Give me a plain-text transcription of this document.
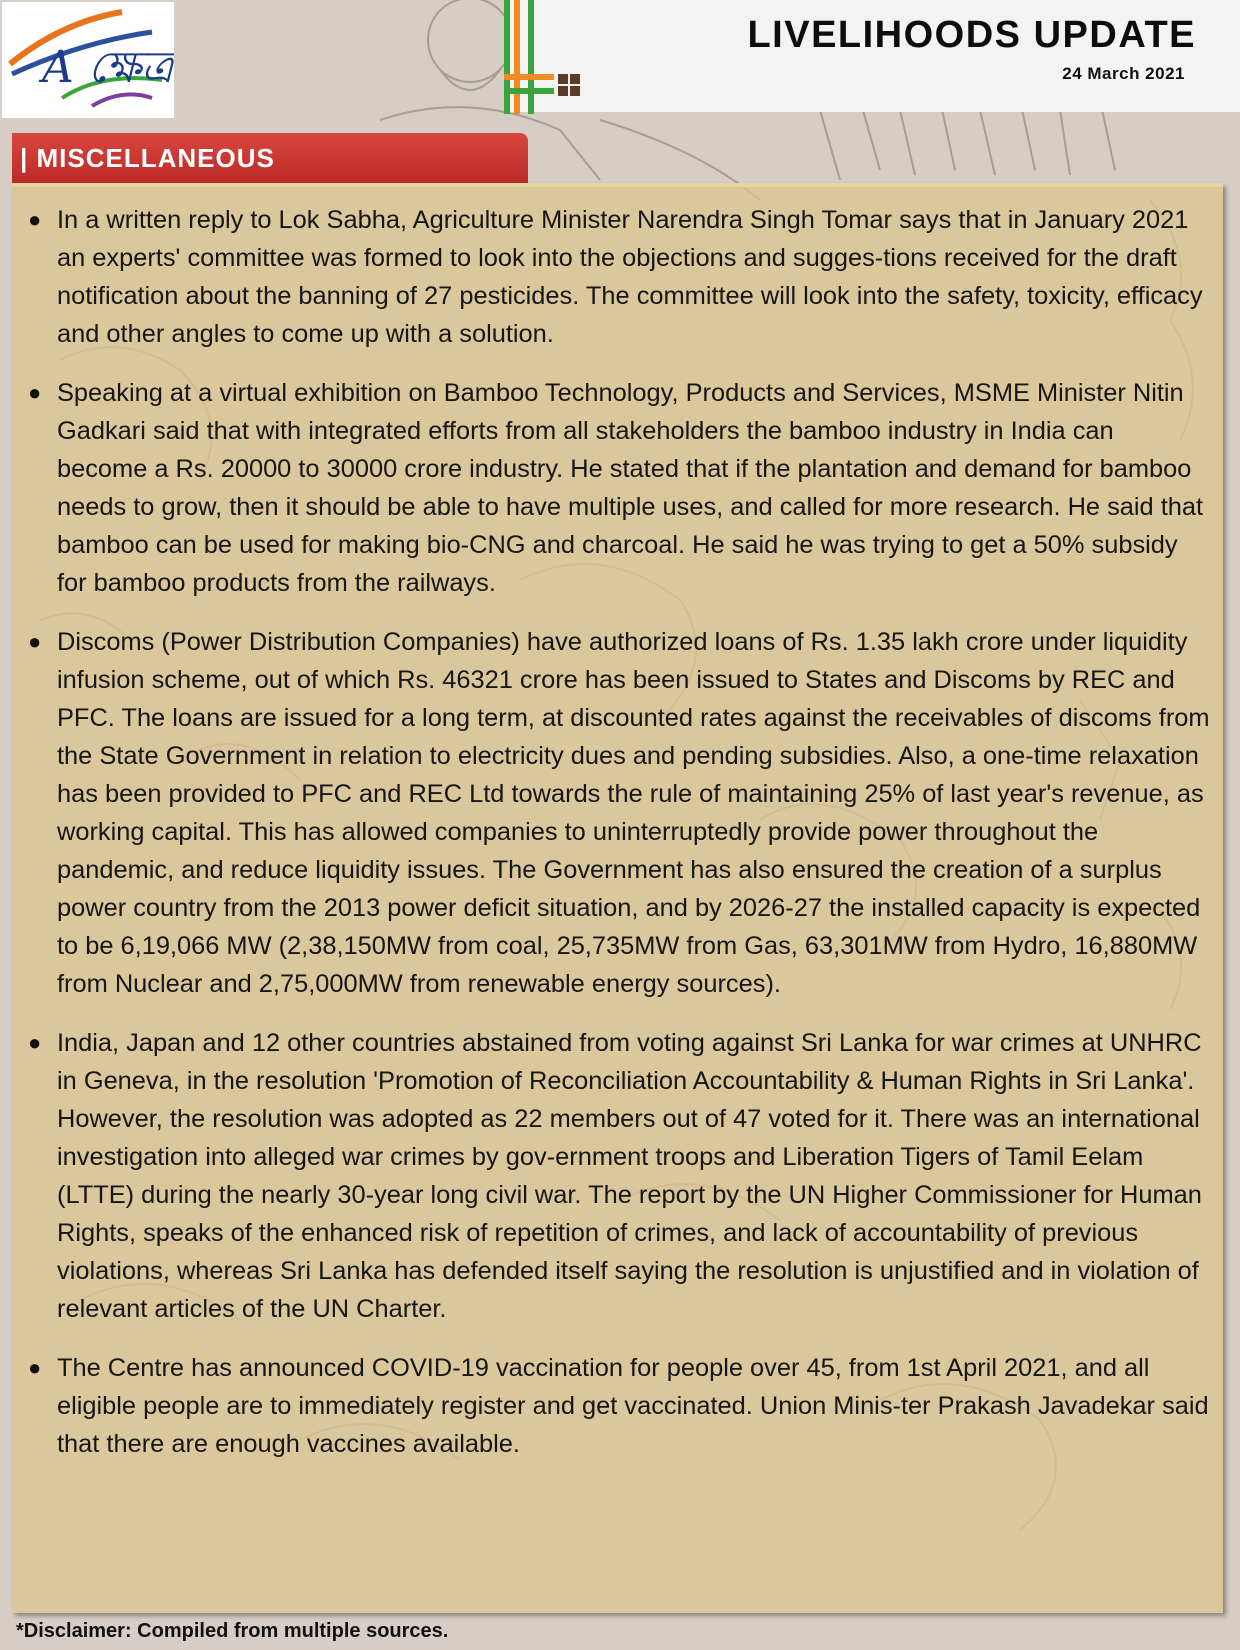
A ক্ষেত্র
LIVELIHOODS UPDATE
24 March 2021
| MISCELLANEOUS
● In a written reply to Lok Sabha, Agriculture Minister Narendra Singh Tomar says that in January 2021 an experts' committee was formed to look into the objections and sugges-tions received for the draft notification about the banning of 27 pesticides. The committee will look into the safety, toxicity, efficacy and other angles to come up with a solution.
● Speaking at a virtual exhibition on Bamboo Technology, Products and Services, MSME Minister Nitin Gadkari said that with integrated efforts from all stakeholders the bamboo industry in India can become a Rs. 20000 to 30000 crore industry. He stated that if the plantation and demand for bamboo needs to grow, then it should be able to have multiple uses, and called for more research. He said that bamboo can be used for making bio-CNG and charcoal. He said he was trying to get a 50% subsidy for bamboo products from the railways.
● Discoms (Power Distribution Companies) have authorized loans of Rs. 1.35 lakh crore under liquidity infusion scheme, out of which Rs. 46321 crore has been issued to States and Discoms by REC and PFC. The loans are issued for a long term, at discounted rates against the receivables of discoms from the State Government in relation to electricity dues and pending subsidies. Also, a one-time relaxation has been provided to PFC and REC Ltd towards the rule of maintaining 25% of last year's revenue, as working capital. This has allowed companies to uninterruptedly provide power throughout the pandemic, and reduce liquidity issues. The Government has also ensured the creation of a surplus power country from the 2013 power deficit situation, and by 2026-27 the installed capacity is expected to be 6,19,066 MW (2,38,150MW from coal, 25,735MW from Gas, 63,301MW from Hydro, 16,880MW from Nuclear and 2,75,000MW from renewable energy sources).
● India, Japan and 12 other countries abstained from voting against Sri Lanka for war crimes at UNHRC in Geneva, in the resolution 'Promotion of Reconciliation Accountability & Human Rights in Sri Lanka'. However, the resolution was adopted as 22 members out of 47 voted for it. There was an international investigation into alleged war crimes by gov-ernment troops and Liberation Tigers of Tamil Eelam (LTTE) during the nearly 30-year long civil war. The report by the UN Higher Commissioner for Human Rights, speaks of the enhanced risk of repetition of crimes, and lack of accountability of previous violations, whereas Sri Lanka has defended itself saying the resolution is unjustified and in violation of relevant articles of the UN Charter.
● The Centre has announced COVID-19 vaccination for people over 45, from 1st April 2021, and all eligible people are to immediately register and get vaccinated. Union Minis-ter Prakash Javadekar said that there are enough vaccines available.
*Disclaimer: Compiled from multiple sources.
